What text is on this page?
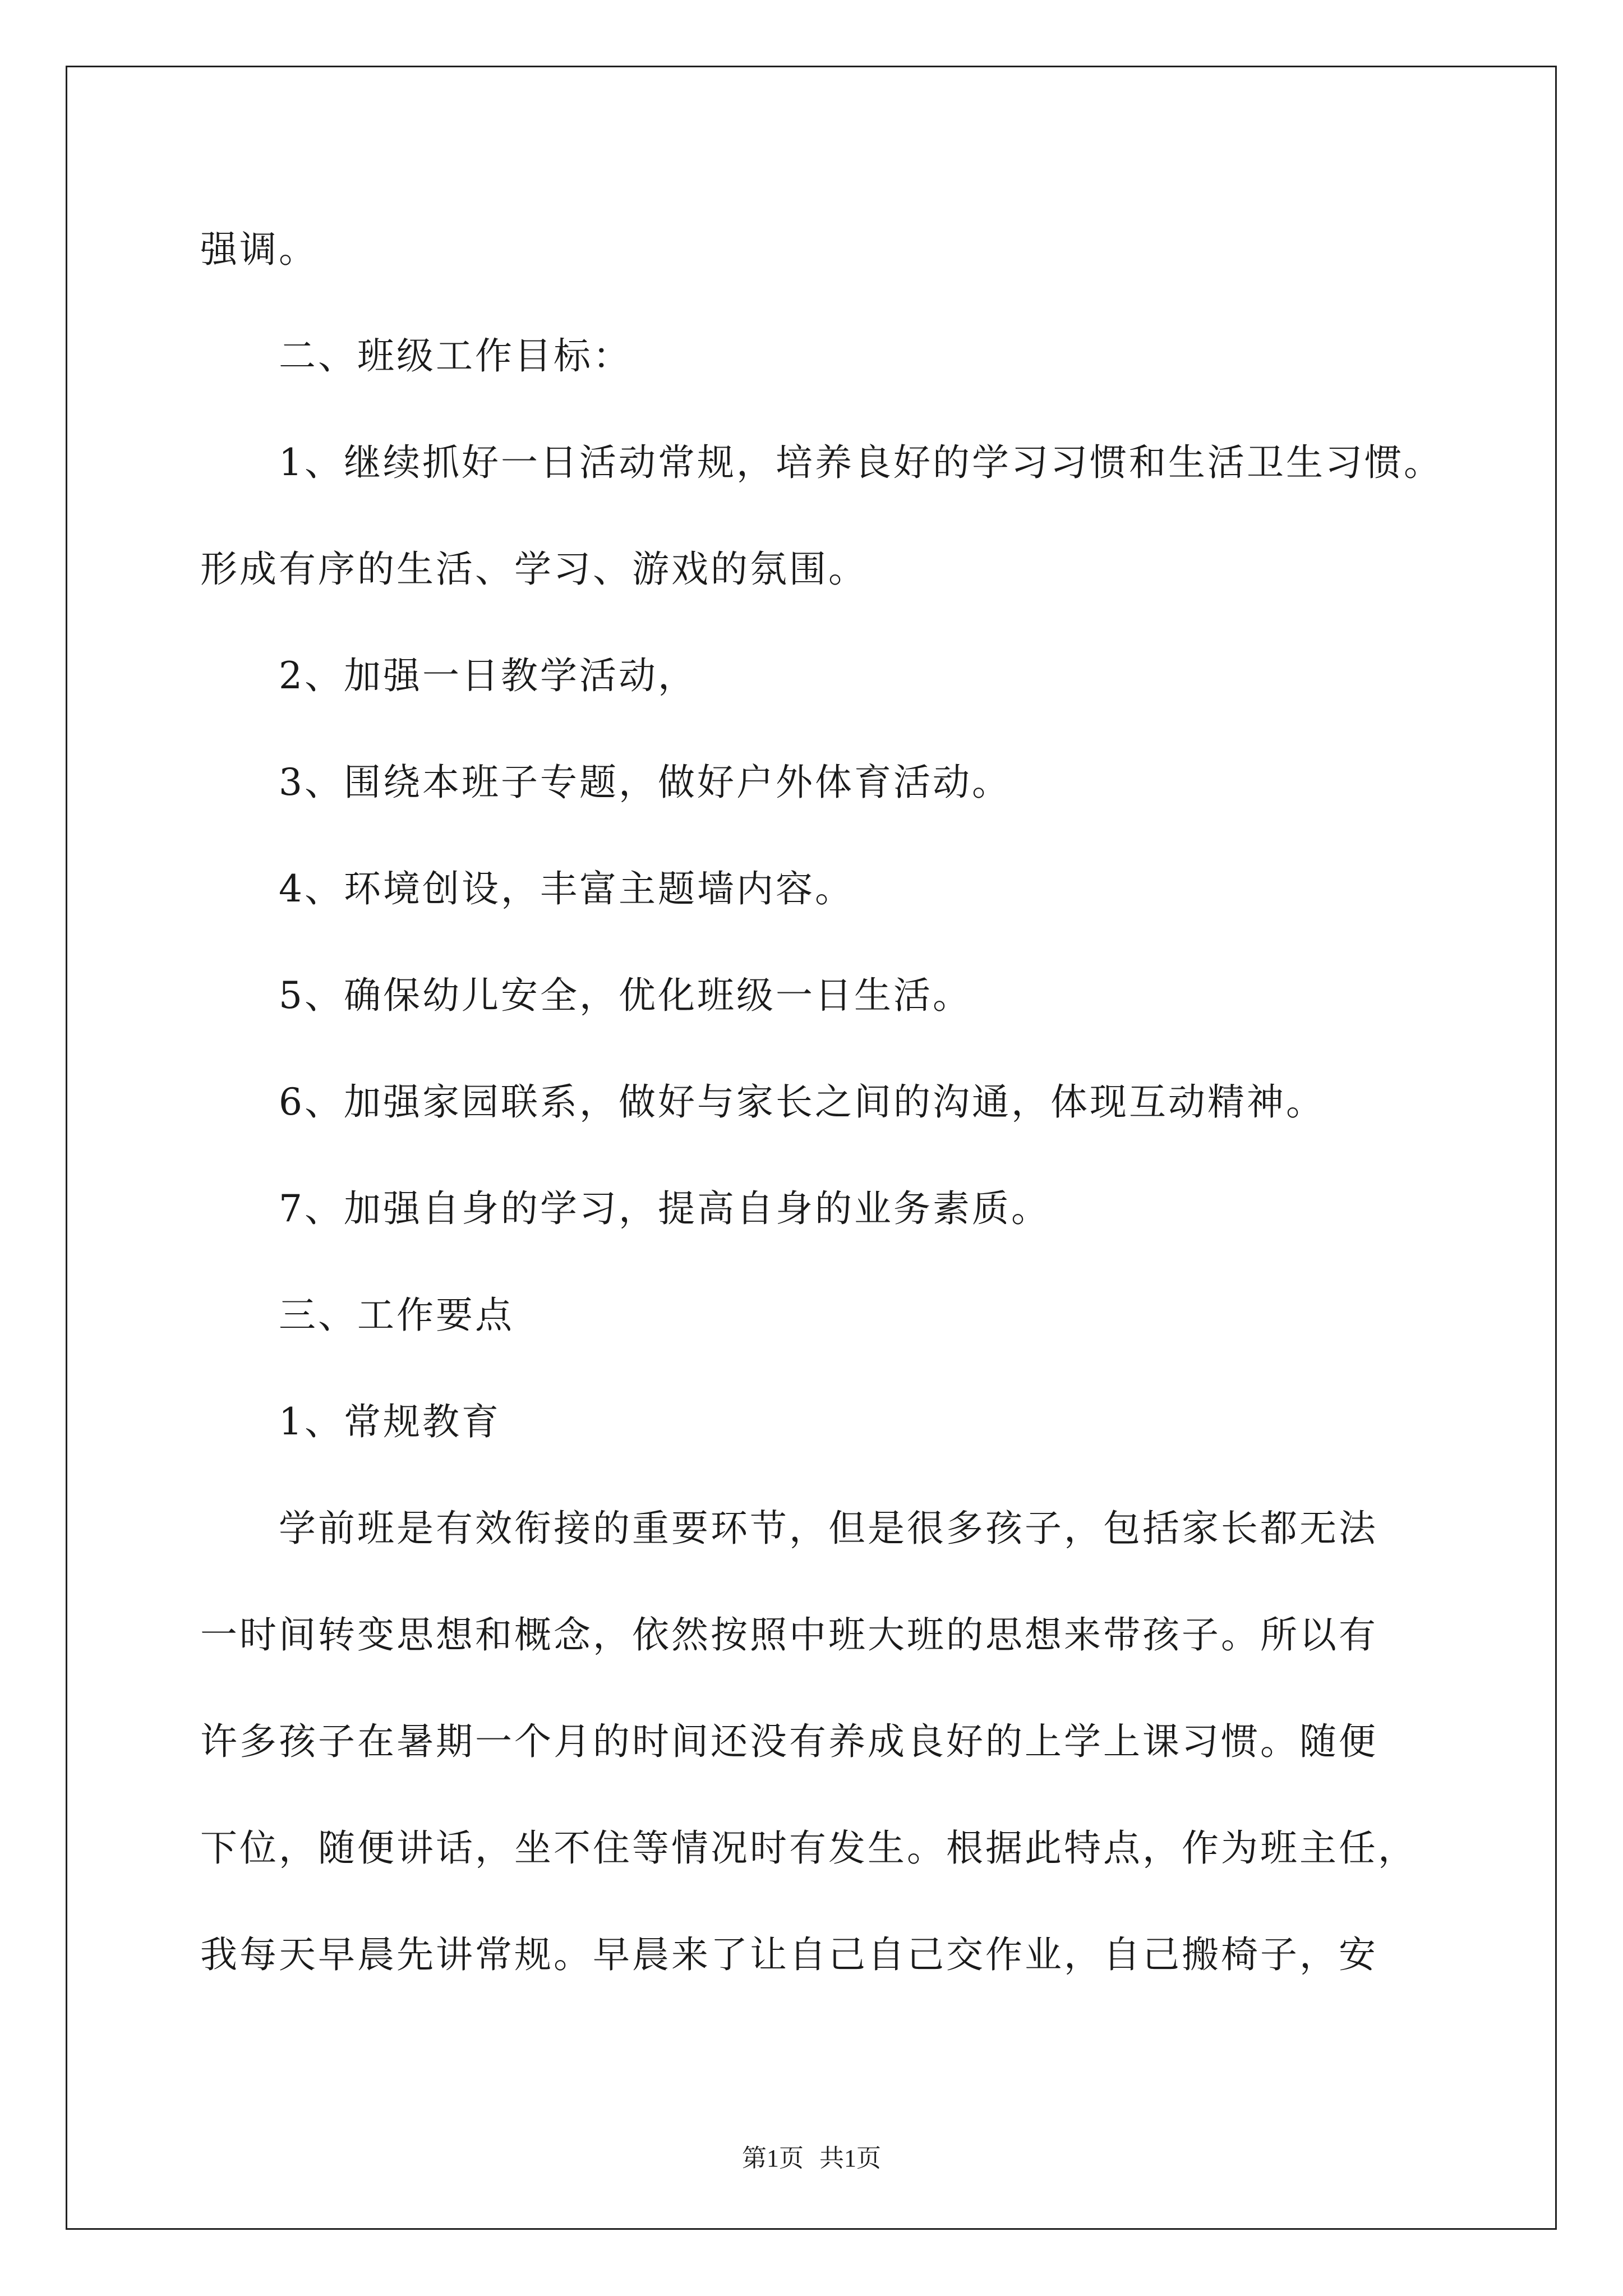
强调。
二、班级工作目标：
1、继续抓好一日活动常规，培养良好的学习习惯和生活卫生习惯。
形成有序的生活、学习、游戏的氛围。
2、加强一日教学活动，
3、围绕本班子专题，做好户外体育活动。
4、环境创设，丰富主题墙内容。
5、确保幼儿安全，优化班级一日生活。
6、加强家园联系，做好与家长之间的沟通，体现互动精神。
7、加强自身的学习，提高自身的业务素质。
三、工作要点
1、常规教育
学前班是有效衔接的重要环节，但是很多孩子，包括家长都无法
一时间转变思想和概念，依然按照中班大班的思想来带孩子。所以有
许多孩子在暑期一个月的时间还没有养成良好的上学上课习惯。随便
下位，随便讲话，坐不住等情况时有发生。根据此特点，作为班主任，
我每天早晨先讲常规。早晨来了让自己自己交作业，自己搬椅子，安
第1页 共1页
